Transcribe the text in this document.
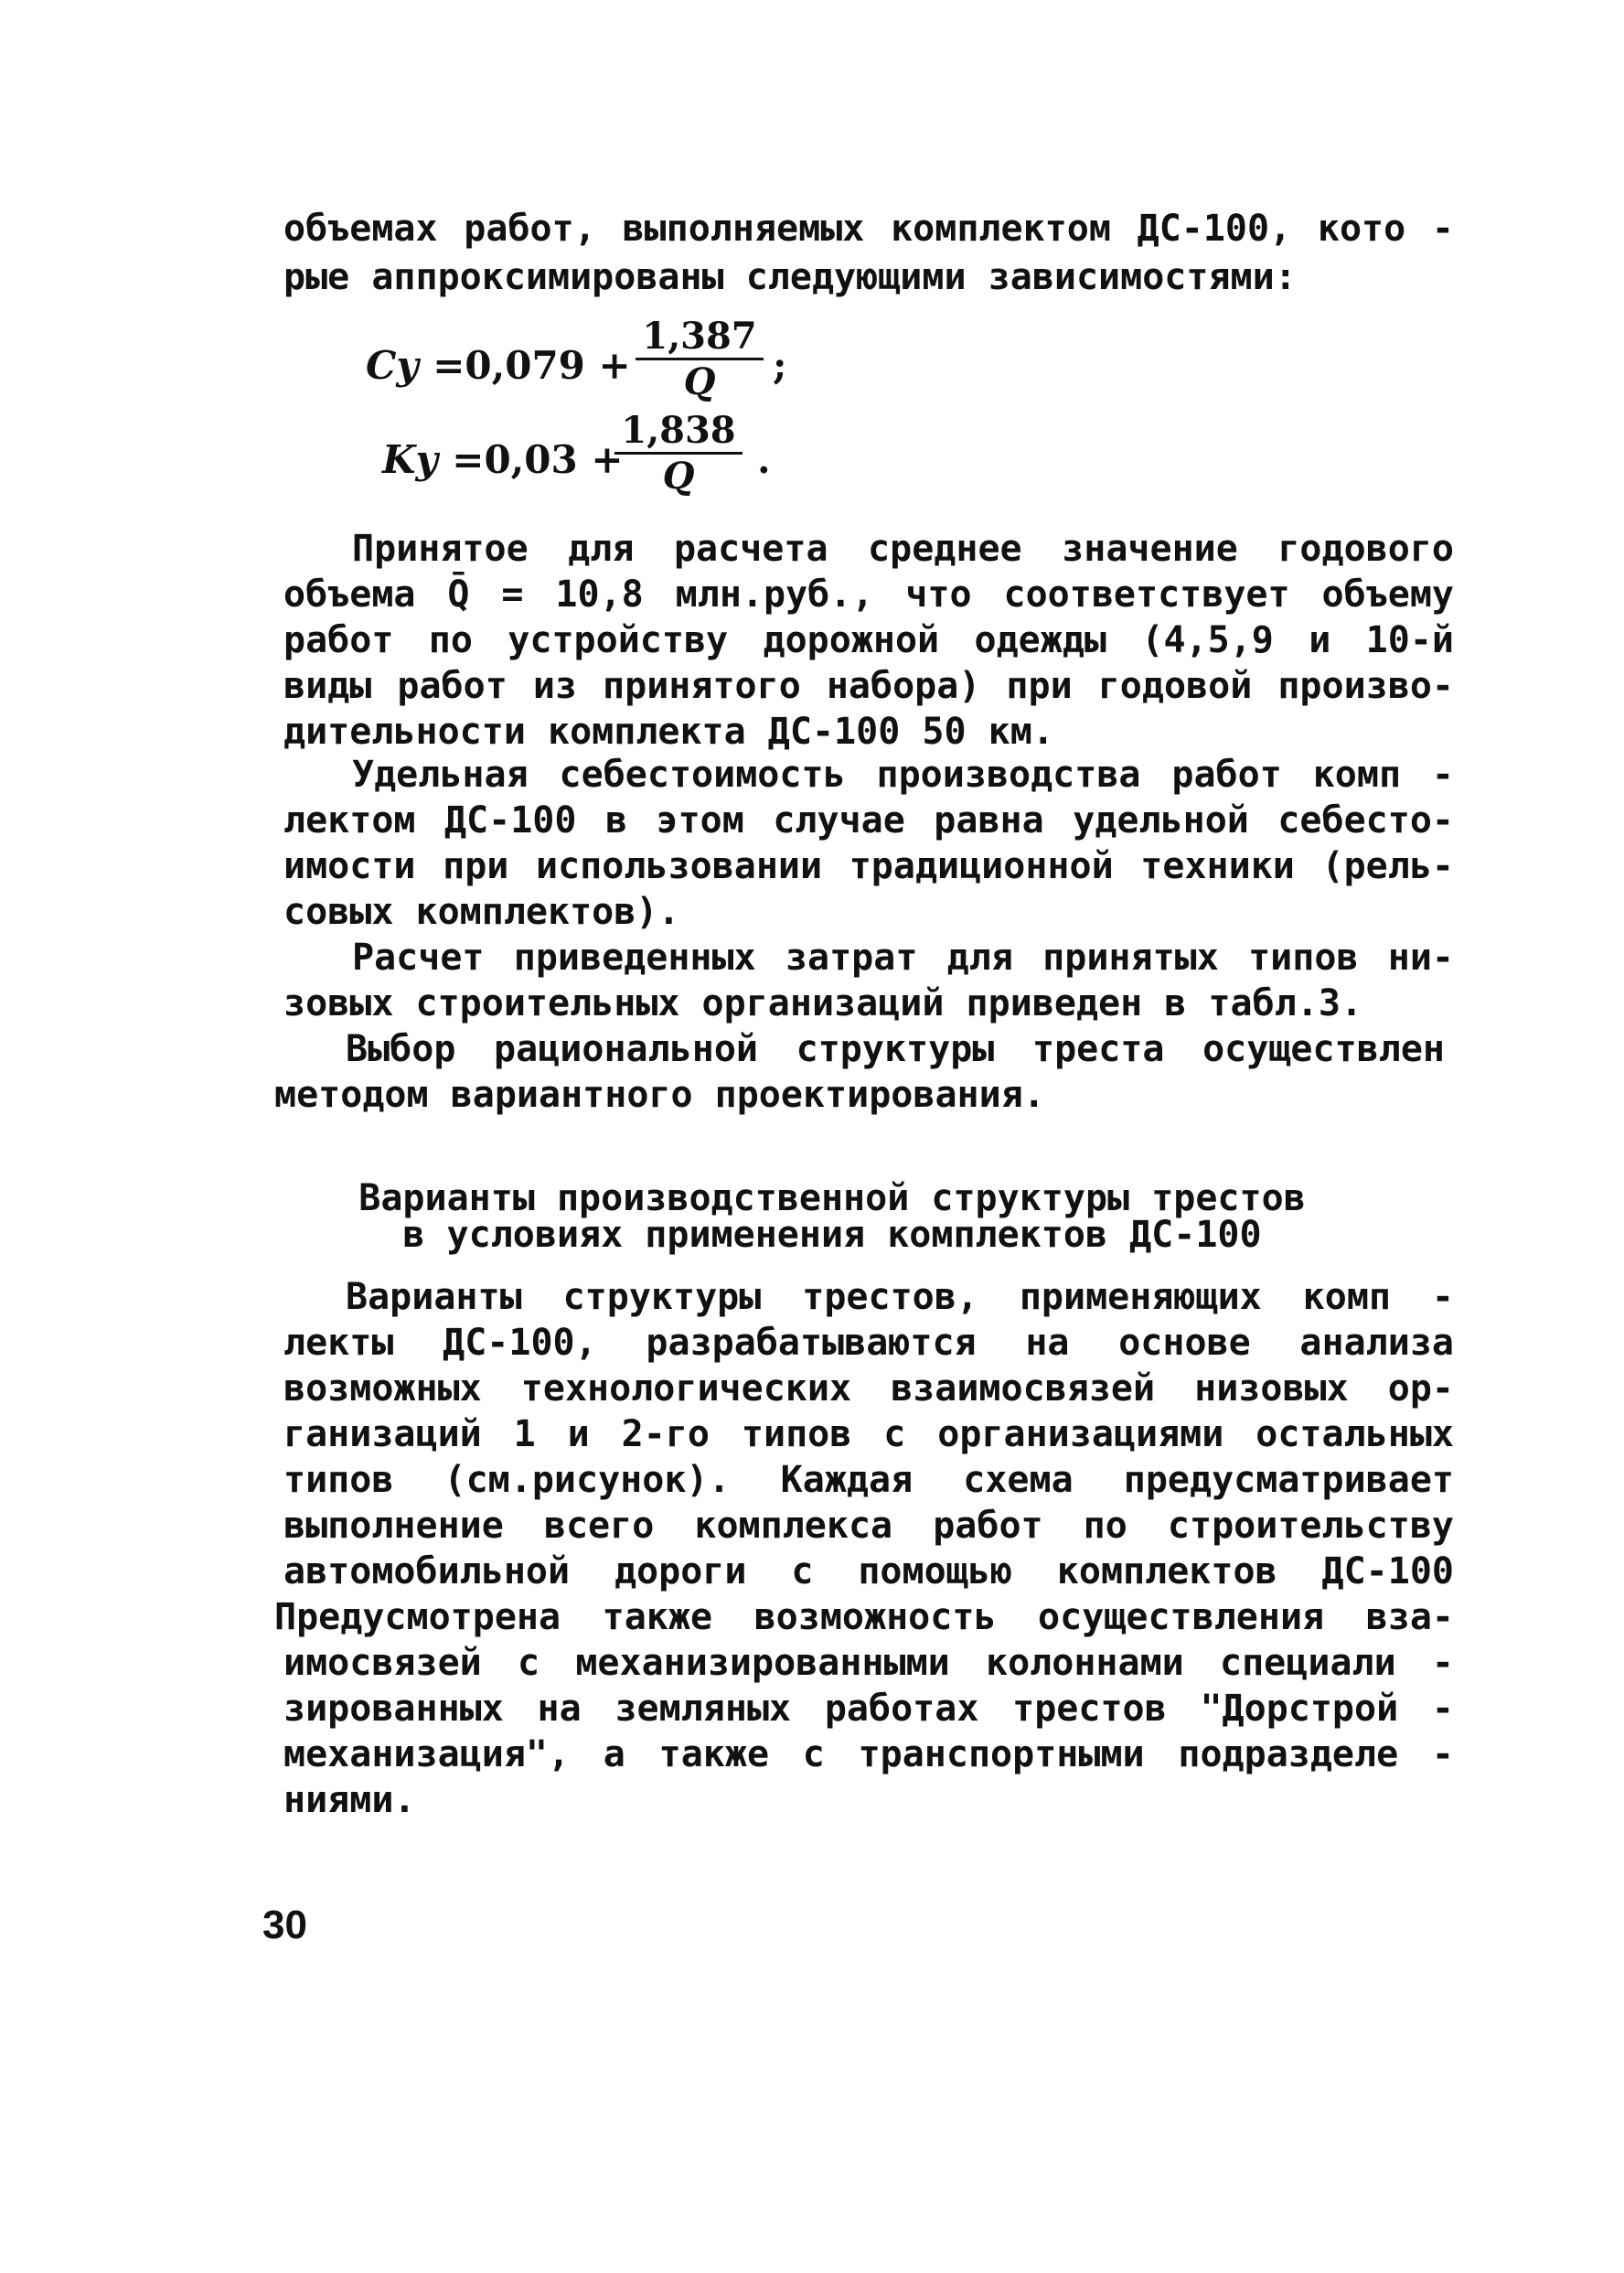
объемах работ, выполняемых комплектом ДС-100, кото -
рые аппроксимированы следующими зависимостями:
Cу $=0,079 + \frac{1,387}{Q}$ ;
Kу =0,03 +
$\frac{1,838}{Q}$ .
Принятое для расчета среднее значение годового
объема Q̄ = 10,8 млн.руб., что соответствует объему
работ по устройству дорожной одежды (4,5,9 и 10-й
виды работ из принятого набора) при годовой произво-
дительности комплекта ДС-100 50 км.
Удельная себестоимость производства работ комп -
лектом ДС-100 в этом случае равна удельной себесто-
имости при использовании традиционной техники (рель-
совых комплектов).
Расчет приведенных затрат для принятых типов ни-
зовых строительных организаций приведен в табл.3.
Выбор рациональной структуры треста осуществлен
методом вариантного проектирования.
Варианты производственной структуры трестов
в условиях применения комплектов ДС-100
Варианты структуры трестов, применяющих комп -
лекты ДС-100, разрабатываются на основе анализа
возможных технологических взаимосвязей низовых ор-
ганизаций 1 и 2-го типов с организациями остальных
типов (см.рисунок). Каждая схема предусматривает
выполнение всего комплекса работ по строительству
автомобильной дороги с помощью комплектов ДС-100
Предусмотрена также возможность осуществления вза-
имосвязей с механизированными колоннами специали -
зированных на земляных работах трестов "Дорстрой -
механизация", а также с транспортными подразделе -
ниями.
30
